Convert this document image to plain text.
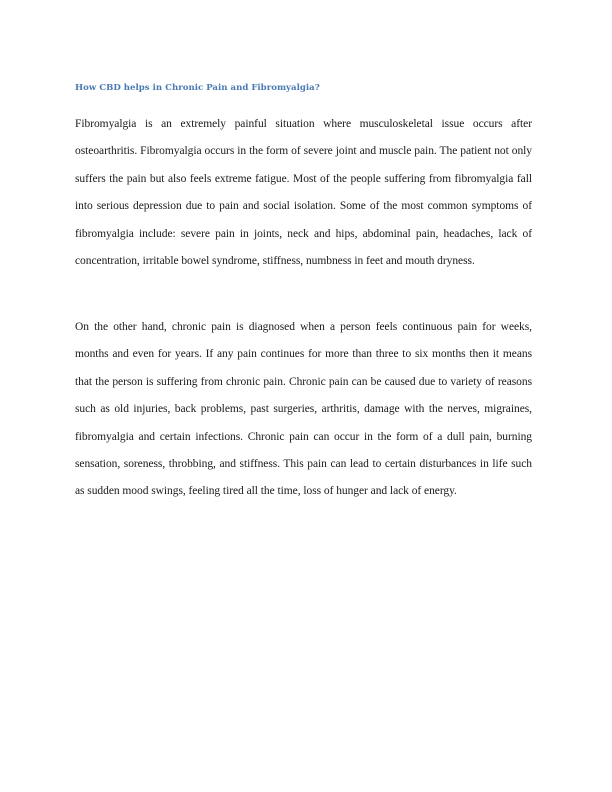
How CBD helps in Chronic Pain and Fibromyalgia?

Fibromyalgia is an extremely painful situation where musculoskeletal issue occurs after osteoarthritis. Fibromyalgia occurs in the form of severe joint and muscle pain. The patient not only suffers the pain but also feels extreme fatigue. Most of the people suffering from fibromyalgia fall into serious depression due to pain and social isolation. Some of the most common symptoms of fibromyalgia include: severe pain in joints, neck and hips, abdominal pain, headaches, lack of concentration, irritable bowel syndrome, stiffness, numbness in feet and mouth dryness.

On the other hand, chronic pain is diagnosed when a person feels continuous pain for weeks, months and even for years. If any pain continues for more than three to six months then it means that the person is suffering from chronic pain. Chronic pain can be caused due to variety of reasons such as old injuries, back problems, past surgeries, arthritis, damage with the nerves, migraines, fibromyalgia and certain infections. Chronic pain can occur in the form of a dull pain, burning sensation, soreness, throbbing, and stiffness. This pain can lead to certain disturbances in life such as sudden mood swings, feeling tired all the time, loss of hunger and lack of energy.
